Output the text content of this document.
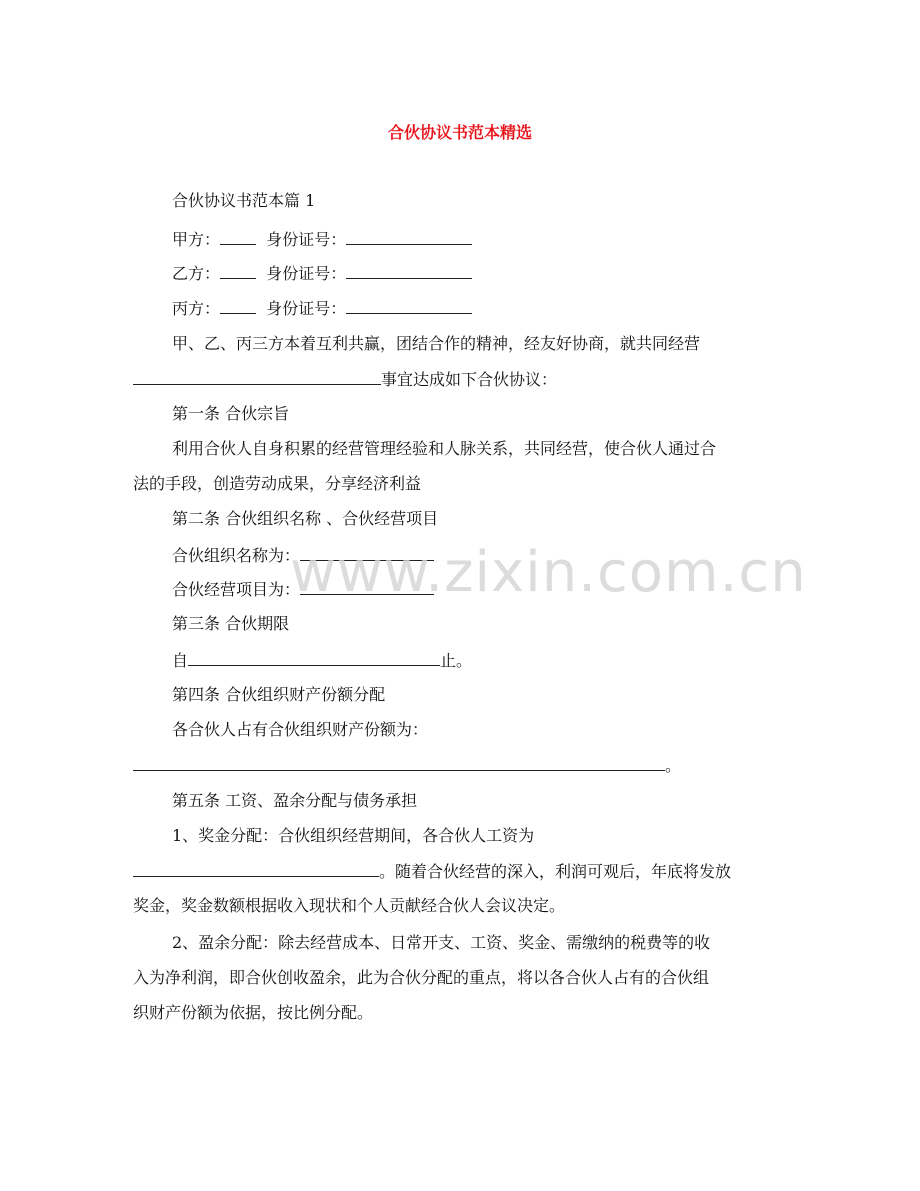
合伙协议书范本精选
合伙协议书范本篇 1
甲方：	身份证号：
乙方：	身份证号：
丙方：	身份证号：
甲、乙、丙三方本着互利共赢，团结合作的精神，经友好协商，就共同经营
事宜达成如下合伙协议：
第一条 合伙宗旨
利用合伙人自身积累的经营管理经验和人脉关系，共同经营，使合伙人通过合
法的手段，创造劳动成果，分享经济利益
第二条 合伙组织名称 、合伙经营项目
合伙组织名称为：
合伙经营项目为：
第三条 合伙期限
自	止。
第四条 合伙组织财产份额分配
各合伙人占有合伙组织财产份额为：
。
第五条 工资、盈余分配与债务承担
1、奖金分配：合伙组织经营期间，各合伙人工资为
。随着合伙经营的深入，利润可观后，年底将发放
奖金，奖金数额根据收入现状和个人贡献经合伙人会议决定。
2、盈余分配：除去经营成本、日常开支、工资、奖金、需缴纳的税费等的收
入为净利润，即合伙创收盈余，此为合伙分配的重点，将以各合伙人占有的合伙组
织财产份额为依据，按比例分配。
www.zixin.com.cn
